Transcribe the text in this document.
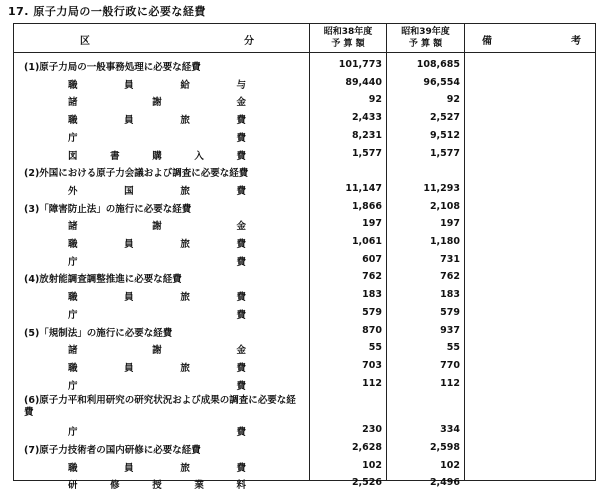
17. 原子力局の一般行政に必要な経費
区	分
昭和38年度
予 算 額
昭和39年度
予 算 額	備	考
(1)原子力局の一般事務処理に必要な経費	101,773	108,685
職	員	給	与	89,440	96,554
諸	謝	金	92	92
職	員	旅	費	2,433	2,527
庁	費	8,231	9,512
図	書	購	入	費	1,577	1,577
(2)外国における原子力会議および調査に必要な経費
外	国	旅	費	11,147	11,293
(3)「障害防止法」の施行に必要な経費	1,866	2,108
諸	謝	金	197	197
職	員	旅	費	1,061	1,180
庁	費	607	731
(4)放射能調査調整推進に必要な経費	762	762
職	員	旅	費	183	183
庁	費	579	579
(5)「規制法」の施行に必要な経費	870	937
諸	謝	金	55	55
職	員	旅	費	703	770
庁	費	112	112
(6)原子力平和利用研究の研究状況および成果の調査に必要な経費
庁	費	230	334
(7)原子力技術者の国内研修に必要な経費	2,628	2,598
職	員	旅	費	102	102
研	修	授	業	料	2,526	2,496
